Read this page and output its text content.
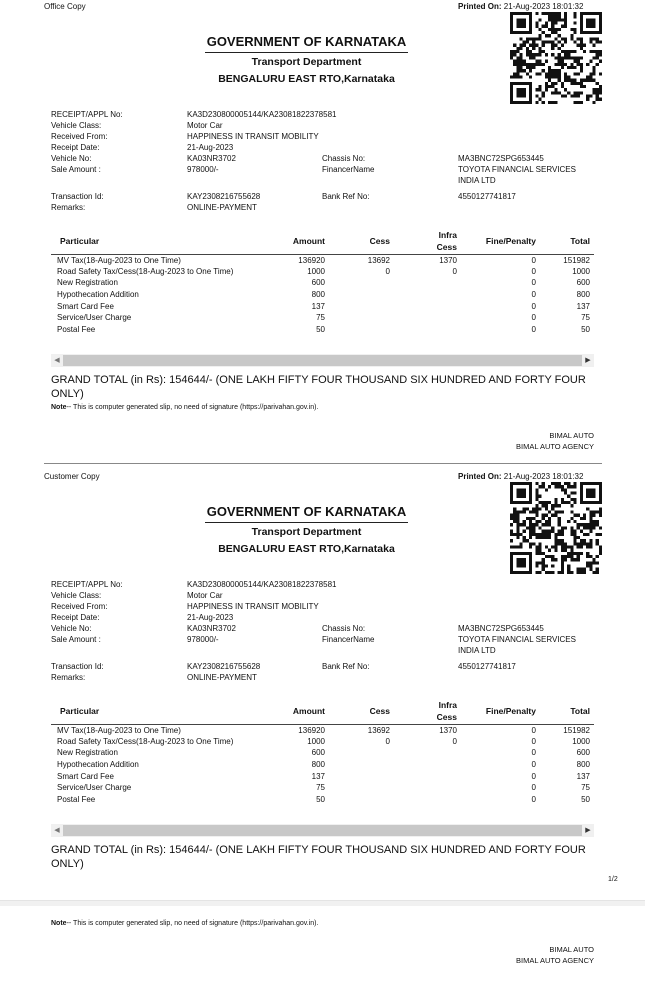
Office Copy	Printed On: 21-Aug-2023 18:01:32
GOVERNMENT OF KARNATAKA
Transport Department
BENGALURU EAST RTO,Karnataka
RECEIPT/APPL No:	KA3D230800005144/KA23081822378581
Vehicle Class:	Motor Car
Received From:	HAPPINESS IN TRANSIT MOBILITY
Receipt Date:	21-Aug-2023
Vehicle No:	KA03NR3702	Chassis No:	MA3BNC72SPG653445
Sale Amount :	978000/-	FinancerName	TOYOTA FINANCIAL SERVICES
INDIA LTD
Transaction Id:	KAY2308216755628	Bank Ref No:	4550127741817
Remarks:	ONLINE-PAYMENT
Particular	Amount	Cess	Infra
Cess	Fine/Penalty	Total
MV Tax(18-Aug-2023 to One Time)	136920	13692	1370	0	151982
Road Safety Tax/Cess(18-Aug-2023 to One Time)	1000	0	0	0	1000
New Registration	600			0	600
Hypothecation Addition	800			0	800
Smart Card Fee	137			0	137
Service/User Charge	75			0	75
Postal Fee	50			0	50
◀	▶
GRAND TOTAL (in Rs): 154644/- (ONE LAKH FIFTY FOUR THOUSAND SIX HUNDRED AND FORTY FOUR ONLY)
Note-- This is computer generated slip, no need of signature (https://parivahan.gov.in).
BIMAL AUTO
BIMAL AUTO AGENCY
Customer Copy	Printed On: 21-Aug-2023 18:01:32
GOVERNMENT OF KARNATAKA
Transport Department
BENGALURU EAST RTO,Karnataka
RECEIPT/APPL No:	KA3D230800005144/KA23081822378581
Vehicle Class:	Motor Car
Received From:	HAPPINESS IN TRANSIT MOBILITY
Receipt Date:	21-Aug-2023
Vehicle No:	KA03NR3702	Chassis No:	MA3BNC72SPG653445
Sale Amount :	978000/-	FinancerName	TOYOTA FINANCIAL SERVICES
INDIA LTD
Transaction Id:	KAY2308216755628	Bank Ref No:	4550127741817
Remarks:	ONLINE-PAYMENT
Particular	Amount	Cess	Infra
Cess	Fine/Penalty	Total
MV Tax(18-Aug-2023 to One Time)	136920	13692	1370	0	151982
Road Safety Tax/Cess(18-Aug-2023 to One Time)	1000	0	0	0	1000
New Registration	600			0	600
Hypothecation Addition	800			0	800
Smart Card Fee	137			0	137
Service/User Charge	75			0	75
Postal Fee	50			0	50
◀	▶
GRAND TOTAL (in Rs): 154644/- (ONE LAKH FIFTY FOUR THOUSAND SIX HUNDRED AND FORTY FOUR ONLY)
Note-- This is computer generated slip, no need of signature (https://parivahan.gov.in).
BIMAL AUTO
BIMAL AUTO AGENCY
1/2
